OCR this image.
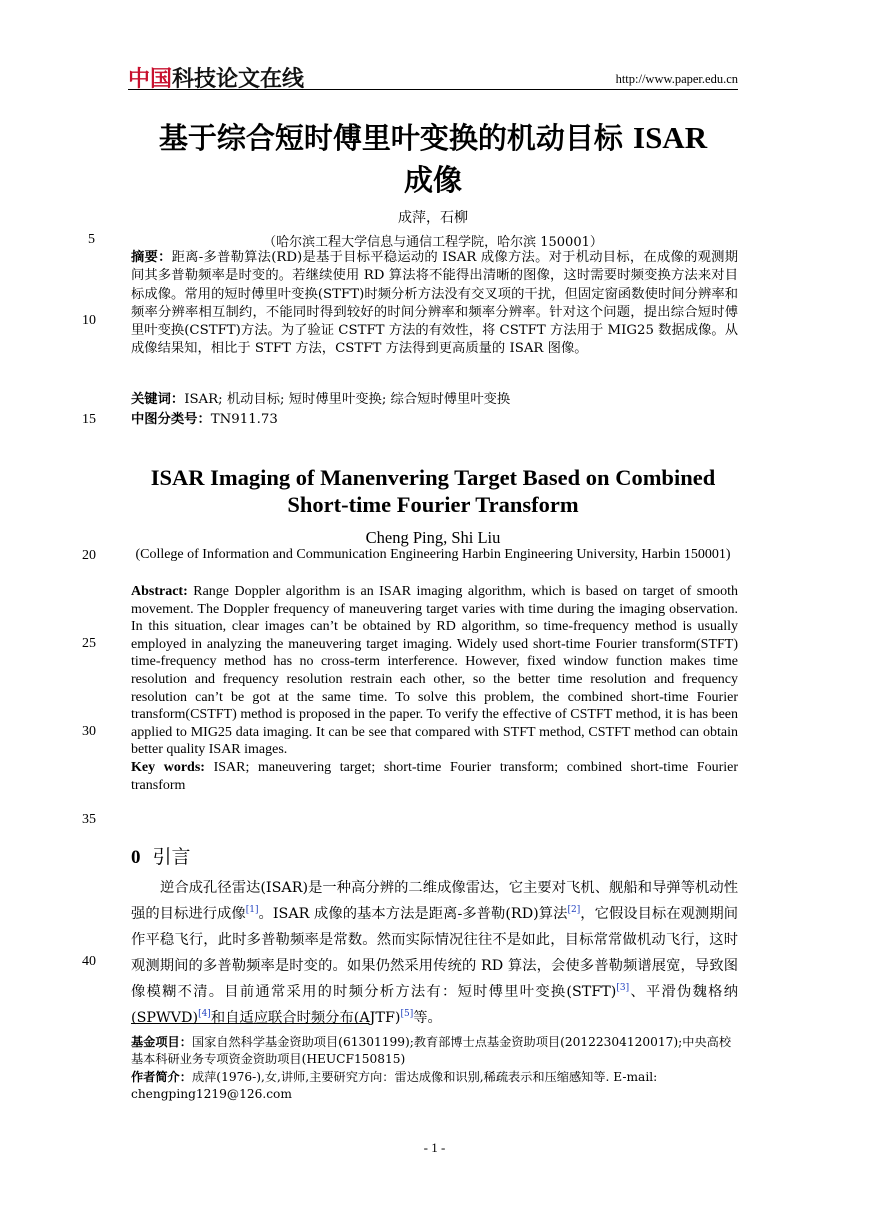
中国科技论文在线	http://www.paper.edu.cn
基于综合短时傅里叶变换的机动目标 ISAR
成像
成萍，石柳
（哈尔滨工程大学信息与通信工程学院，哈尔滨 150001）
5
10
15
20
25
30
35
40
摘要：距离-多普勒算法(RD)是基于目标平稳运动的 ISAR 成像方法。对于机动目标，在成像的观测期间其多普勒频率是时变的。若继续使用 RD 算法将不能得出清晰的图像，这时需要时频变换方法来对目标成像。常用的短时傅里叶变换(STFT)时频分析方法没有交叉项的干扰，但固定窗函数使时间分辨率和频率分辨率相互制约，不能同时得到较好的时间分辨率和频率分辨率。针对这个问题，提出综合短时傅里叶变换(CSTFT)方法。为了验证 CSTFT 方法的有效性，将 CSTFT 方法用于 MIG25 数据成像。从成像结果知，相比于 STFT 方法，CSTFT 方法得到更高质量的 ISAR 图像。
关键词：ISAR; 机动目标; 短时傅里叶变换; 综合短时傅里叶变换
中图分类号：TN911.73
ISAR Imaging of Manenvering Target Based on Combined
Short-time Fourier Transform
Cheng Ping, Shi Liu
(College of Information and Communication Engineering Harbin Engineering University, Harbin 150001)
Abstract: Range Doppler algorithm is an ISAR imaging algorithm, which is based on target of smooth movement. The Doppler frequency of maneuvering target varies with time during the imaging observation. In this situation, clear images can’t be obtained by RD algorithm, so time-frequency method is usually employed in analyzing the maneuvering target imaging. Widely used short-time Fourier transform(STFT) time-frequency method has no cross-term interference. However, fixed window function makes time resolution and frequency resolution restrain each other, so the better time resolution and frequency resolution can’t be got at the same time. To solve this problem, the combined short-time Fourier transform(CSTFT) method is proposed in the paper. To verify the effective of CSTFT method, it is has been applied to MIG25 data imaging. It can be see that compared with STFT method, CSTFT method can obtain better quality ISAR images.
Key words: ISAR; maneuvering target; short-time Fourier transform; combined short-time Fourier transform
0 引言
逆合成孔径雷达(ISAR)是一种高分辨的二维成像雷达，它主要对飞机、舰船和导弹等机动性强的目标进行成像[1]。ISAR 成像的基本方法是距离-多普勒(RD)算法[2]，它假设目标在观测期间作平稳飞行，此时多普勒频率是常数。然而实际情况往往不是如此，目标常常做机动飞行，这时观测期间的多普勒频率是时变的。如果仍然采用传统的 RD 算法，会使多普勒频谱展宽，导致图像模糊不清。目前通常采用的时频分析方法有：短时傅里叶变换(STFT)[3]、平滑伪魏格纳(SPWVD)[4]和自适应联合时频分布(AJTF)[5]等。
基金项目：国家自然科学基金资助项目(61301199);教育部博士点基金资助项目(20122304120017);中央高校基本科研业务专项资金资助项目(HEUCF150815)
作者简介：成萍(1976-),女,讲师,主要研究方向：雷达成像和识别,稀疏表示和压缩感知等. E-mail: chengping1219@126.com
- 1 -
